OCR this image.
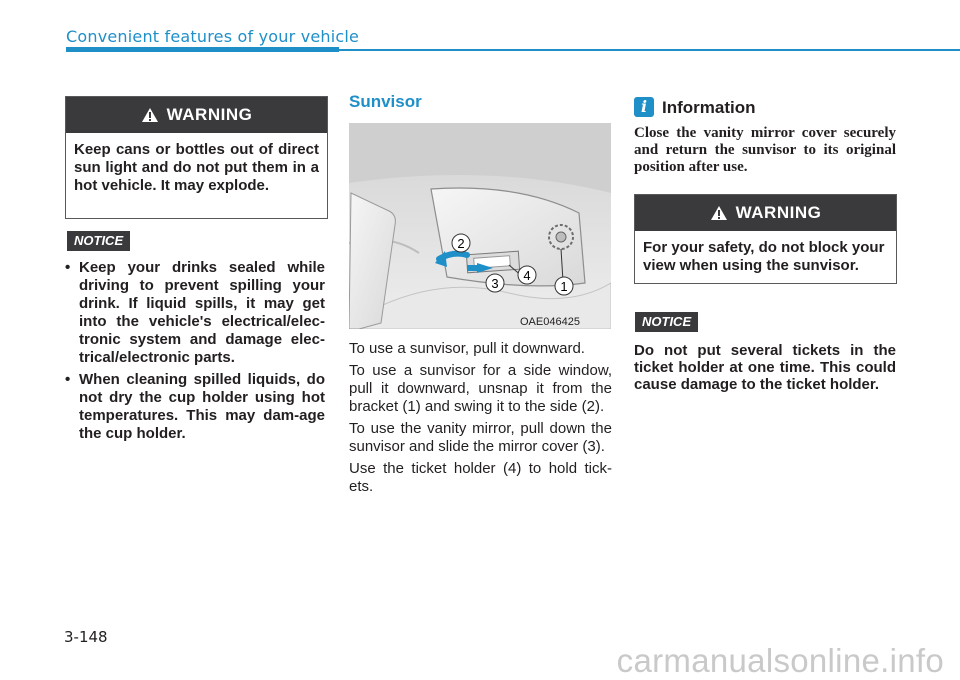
Convenient features of your vehicle
WARNING
Keep cans or bottles out of direct sun light and do not put them in a hot vehicle. It may explode.
NOTICE
• Keep your drinks sealed while driving to prevent spilling your drink. If liquid spills, it may get into the vehicle's electrical/elec-tronic system and damage elec-trical/electronic parts.
• When cleaning spilled liquids, do not dry the cup holder using hot temperatures. This may dam-age the cup holder.
Sunvisor
2
3
4
1
OAE046425
To use a sunvisor, pull it downward.
To use a sunvisor for a side window, pull it downward, unsnap it from the bracket (1) and swing it to the side (2).
To use the vanity mirror, pull down the sunvisor and slide the mirror cover (3).
Use the ticket holder (4) to hold tick-ets.
i Information
Close the vanity mirror cover securely and return the sunvisor to its original position after use.
WARNING
For your safety, do not block your view when using the sunvisor.
NOTICE
Do not put several tickets in the ticket holder at one time. This could cause damage to the ticket holder.
3-148
carmanualsonline.info
